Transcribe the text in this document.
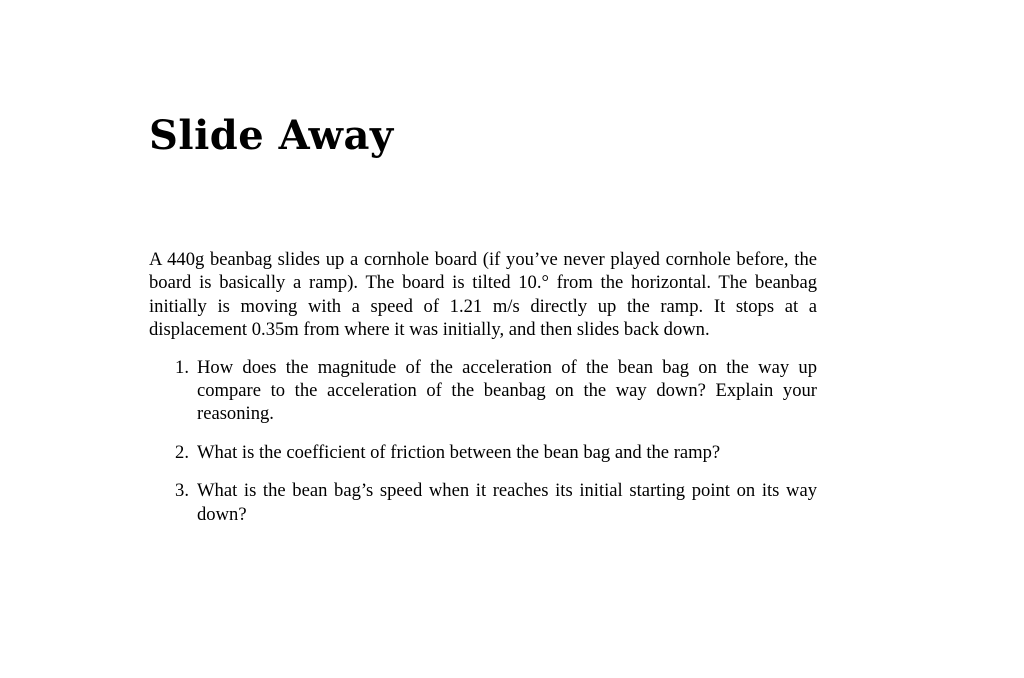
Slide Away

A 440g beanbag slides up a cornhole board (if you’ve never played cornhole before, the board is basically a ramp). The board is tilted 10.° from the horizontal. The beanbag initially is moving with a speed of 1.21 m/s directly up the ramp. It stops at a displacement 0.35m from where it was initially, and then slides back down.

1. How does the magnitude of the acceleration of the bean bag on the way up compare to the acceleration of the beanbag on the way down? Explain your reasoning.
2. What is the coefficient of friction between the bean bag and the ramp?
3. What is the bean bag’s speed when it reaches its initial starting point on its way down?
